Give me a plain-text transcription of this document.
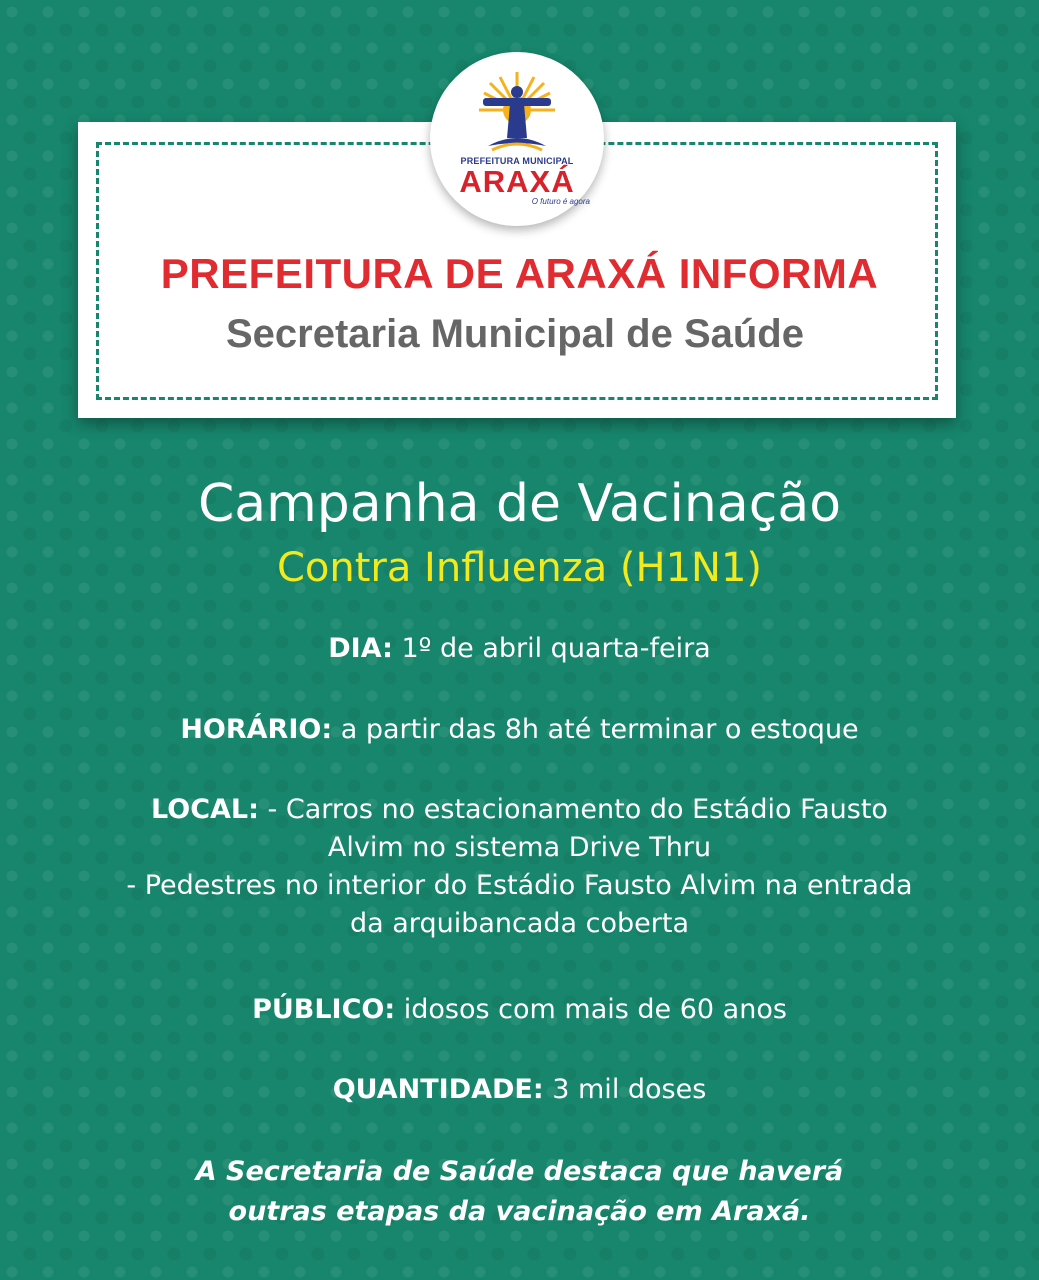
PREFEITURA MUNICIPAL
ARAXÁ
O futuro é agora
PREFEITURA DE ARAXÁ INFORMA
Secretaria Municipal de Saúde
Campanha de Vacinação
Contra Influenza (H1N1)
DIA: 1º de abril quarta-feira
HORÁRIO: a partir das 8h até terminar o estoque
LOCAL: - Carros no estacionamento do Estádio Fausto
Alvim no sistema Drive Thru
- Pedestres no interior do Estádio Fausto Alvim na entrada
da arquibancada coberta
PÚBLICO: idosos com mais de 60 anos
QUANTIDADE: 3 mil doses
A Secretaria de Saúde destaca que haverá
outras etapas da vacinação em Araxá.
